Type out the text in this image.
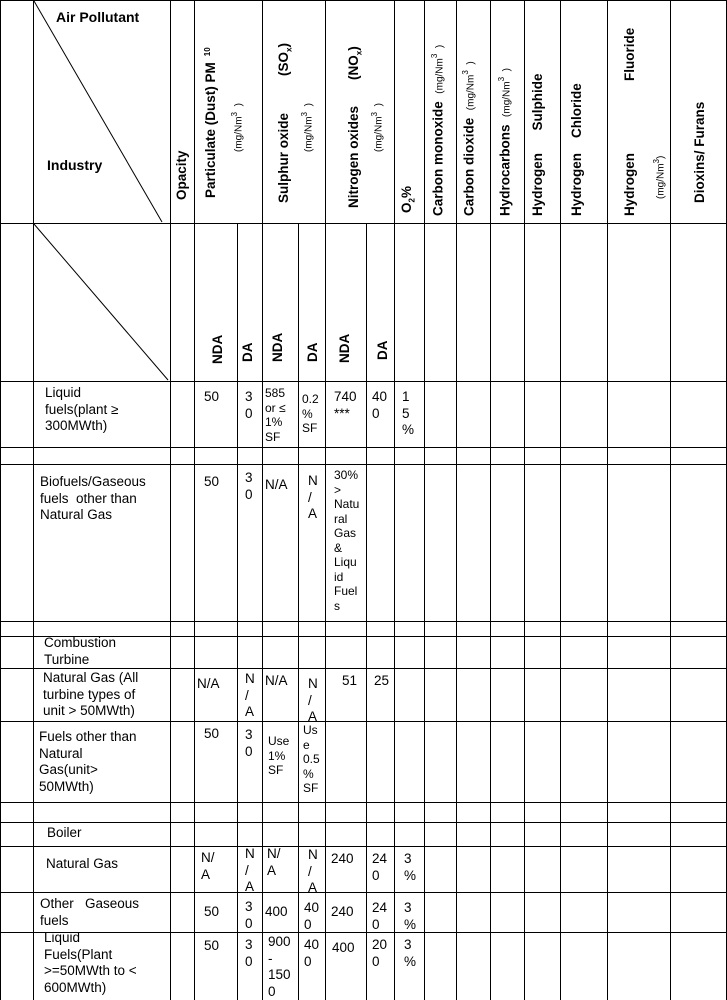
Air Pollutant
Industry	Opacity Particulate (Dust) $PM_{10}$
(mg/Nm$^3$  )
Sulphur oxide
$(SO_x)$
(mg/Nm$^3$  )
Nitrogen oxides
$(NO_x)$
(mg/Nm$^3$  )
$O_2\%$ Carbon monoxide  (mg/Nm$^3$  )
Carbon dioxide  (mg/Nm$^3$  )
Hydrocarbons  (mg/Nm$^3$  )
Hydrogen      Sulphide
Hydrogen    Chloride
Hydrogen
Fluoride
(mg/Nm$^3$) Dioxins/ Furans
NDA DA NDA DA NDA DA
Liquid
fuels(plant ≥
300MWth)
50 3
0
585
or ≤
1%
SF
0.2
%
SF
740
***
40
0
1
5
%
Biofuels/Gaseous
fuels  other than
Natural Gas
50 3
0
N/A N
/
A
30%
>
Natu
ral
Gas
&
Liqu
id
Fuel
s
Combustion
Turbine
Natural Gas (All
turbine types of
unit > 50MWth)
N/A N
/
A
N/A N
/
A
51 25
Fuels other than
Natural
Gas(unit>
50MWth)
50 3
0
Use
1%
SF
Us
e
0.5
%
SF
Boiler
Natural Gas	N/
A
N
/
A
N/
A
N
/
A
240 24
0
3
%
Other   Gaseous
fuels
50 3
0
400 40
0
240 24
0
3
%
Liquid
Fuels(Plant
>=50MWth to <
600MWth)
50 3
0
900
-
150
0
40
0
400 20
0
3
%
